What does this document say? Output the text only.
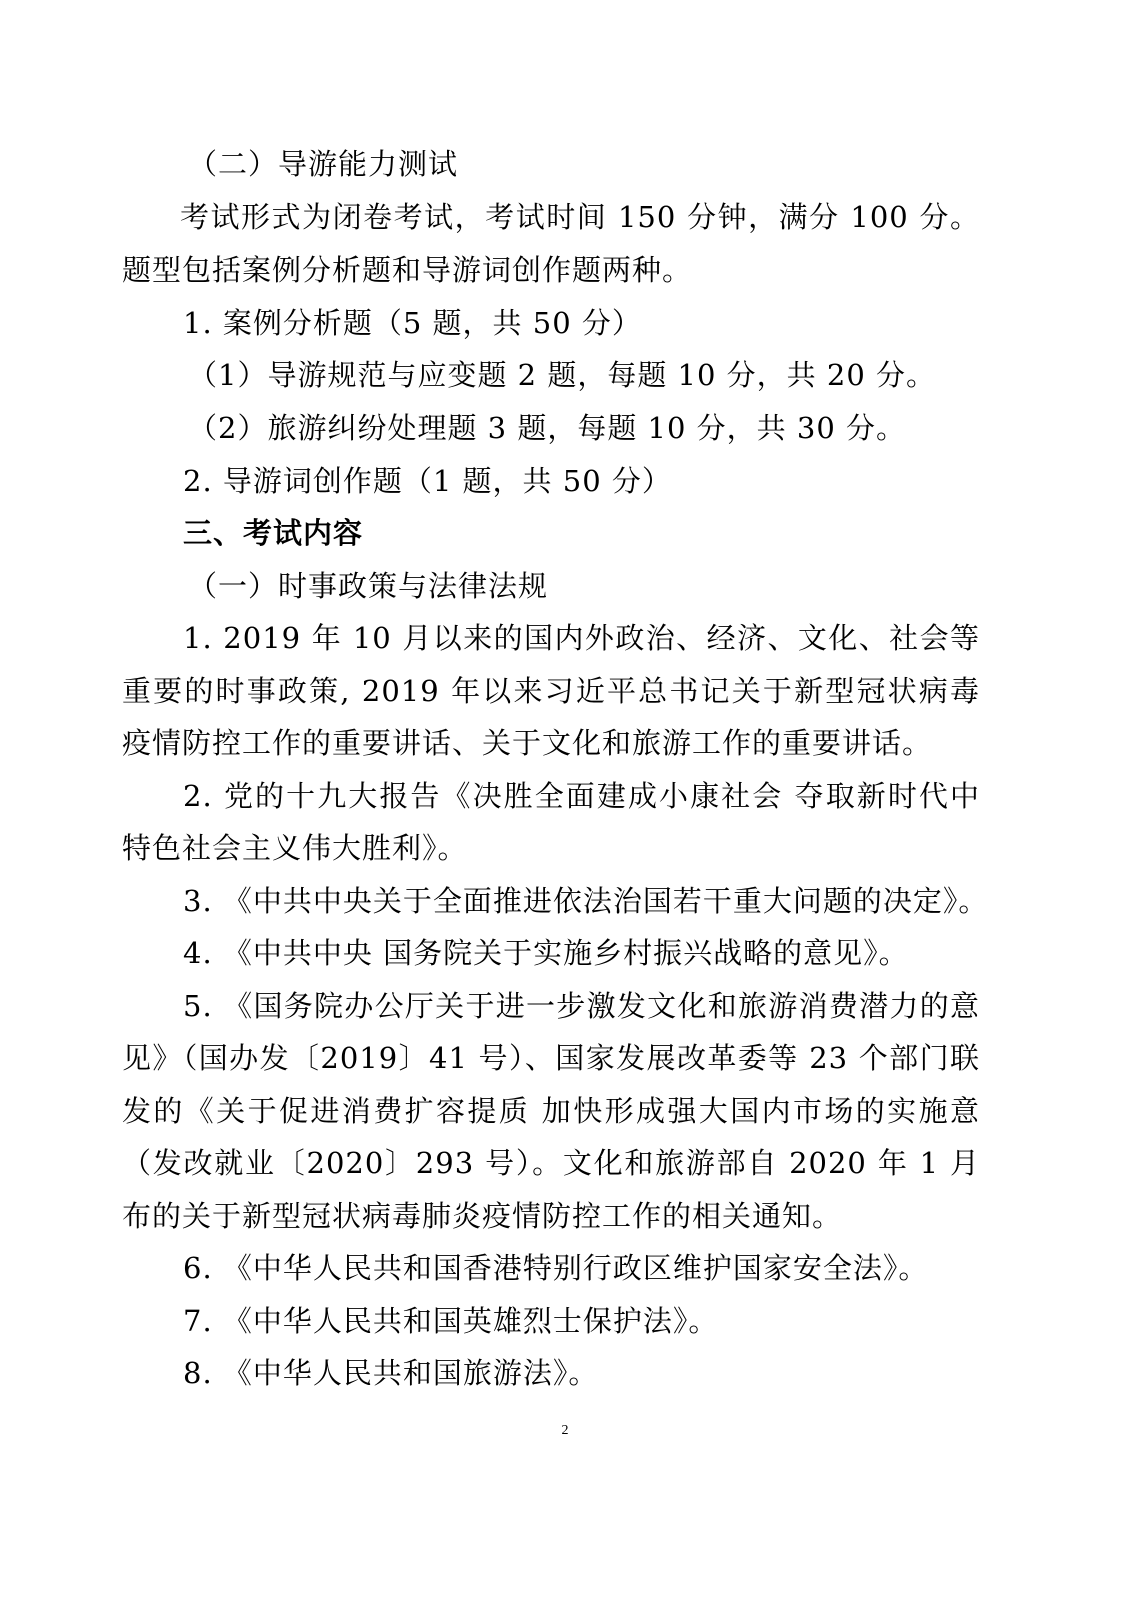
（二）导游能力测试

考试形式为闭卷考试，考试时间 150 分钟，满分 100 分。

题型包括案例分析题和导游词创作题两种。

1. 案例分析题（5 题，共 50 分）

（1）导游规范与应变题 2 题，每题 10 分，共 20 分。

（2）旅游纠纷处理题 3 题，每题 10 分，共 30 分。

2. 导游词创作题（1 题，共 50 分）

三、考试内容

（一）时事政策与法律法规

1. 2019 年 10 月以来的国内外政治、经济、文化、社会等

重要的时事政策, 2019 年以来习近平总书记关于新型冠状病毒

疫情防控工作的重要讲话、关于文化和旅游工作的重要讲话。

2. 党的十九大报告《决胜全面建成小康社会 夺取新时代中

特色社会主义伟大胜利》。

3. 《中共中央关于全面推进依法治国若干重大问题的决定》。

4. 《中共中央 国务院关于实施乡村振兴战略的意见》。

5. 《国务院办公厅关于进一步激发文化和旅游消费潜力的意

见》（国办发〔2019〕41 号）、国家发展改革委等 23 个部门联

发的《关于促进消费扩容提质 加快形成强大国内市场的实施意

（发改就业〔2020〕293 号）。文化和旅游部自 2020 年 1 月

布的关于新型冠状病毒肺炎疫情防控工作的相关通知。

6. 《中华人民共和国香港特别行政区维护国家安全法》。

7. 《中华人民共和国英雄烈士保护法》。

8. 《中华人民共和国旅游法》。

2
